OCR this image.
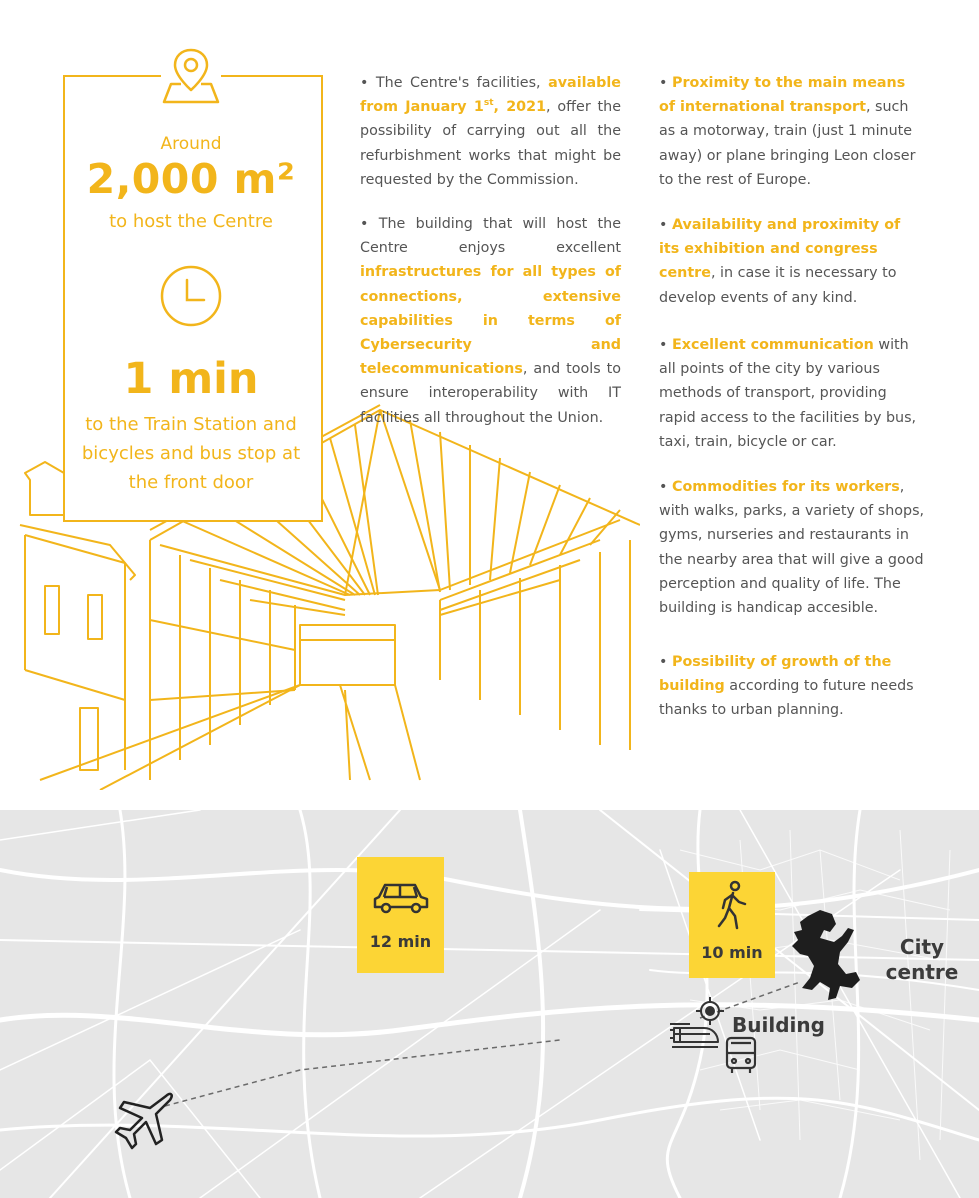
Around
2,000 m²
to host the Centre
1 min
to the Train Station and
bicycles and bus stop at
the front door

• The Centre's facilities, available from January 1st, 2021, offer the possibility of carrying out all the refurbishment works that might be requested by the Commission.

• The building that will host the Centre enjoys excellent infrastructures for all types of connections, extensive capabilities in terms of Cybersecurity and telecommunications, and tools to ensure interoperability with IT facilities all throughout the Union.

• Proximity to the main means of international transport, such as a motorway, train (just 1 minute away) or plane bringing Leon closer to the rest of Europe.

• Availability and proximity of its exhibition and congress centre, in case it is necessary to develop events of any kind.

• Excellent communication with all points of the city by various methods of transport, providing rapid access to the facilities by bus, taxi, train, bicycle or car.

• Commodities for its workers, with walks, parks, a variety of shops, gyms, nurseries and restaurants in the nearby area that will give a good perception and quality of life. The building is handicap accesible.

• Possibility of growth of the building according to future needs thanks to urban planning.

12 min
10 min	City
centre
Building
